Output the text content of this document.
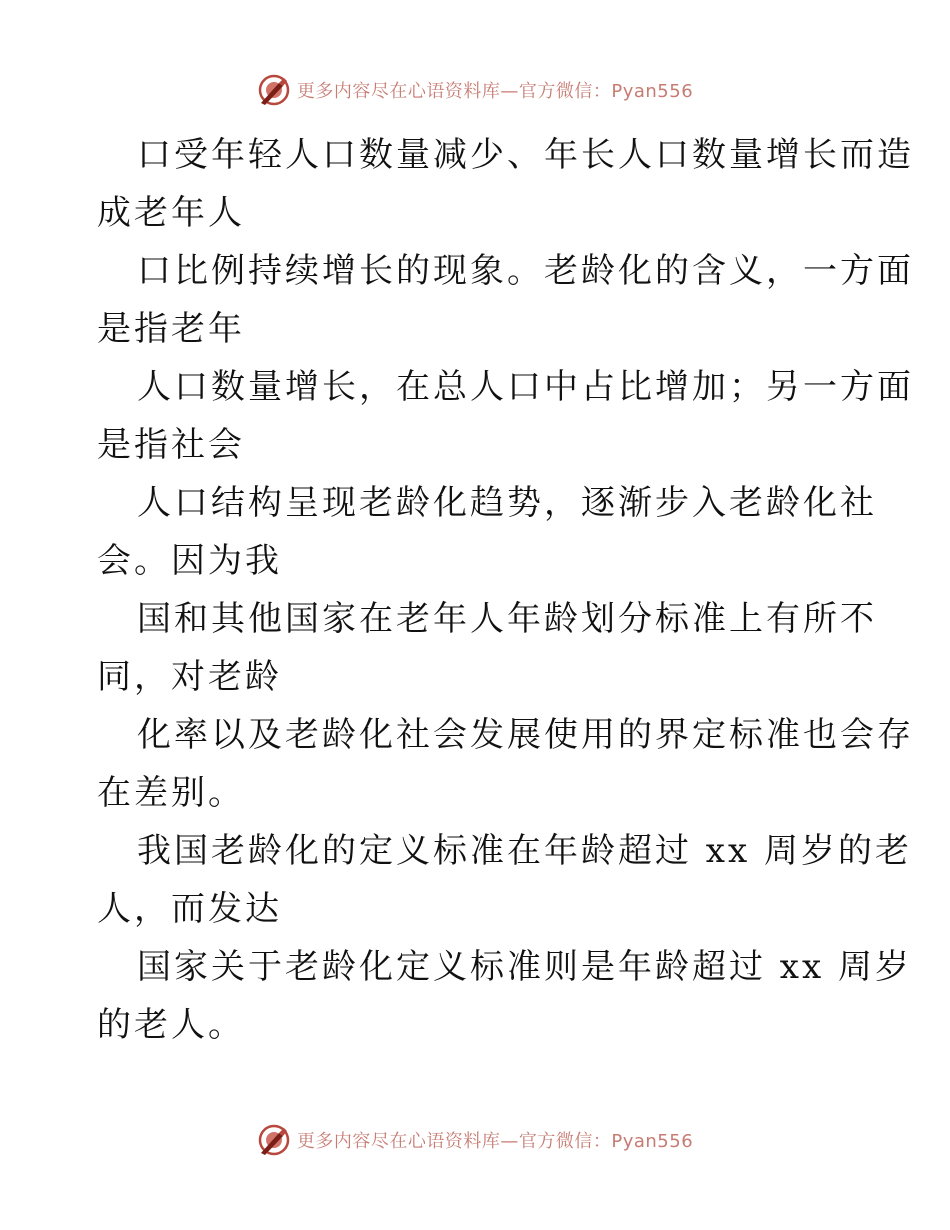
更多内容尽在心语资料库—官方微信：Pyan556

口受年轻人口数量减少、年长人口数量增长而造
成老年人

口比例持续增长的现象。老龄化的含义，一方面
是指老年

人口数量增长，在总人口中占比增加；另一方面
是指社会

人口结构呈现老龄化趋势，逐渐步入老龄化社
会。因为我

国和其他国家在老年人年龄划分标准上有所不
同，对老龄

化率以及老龄化社会发展使用的界定标准也会存
在差别。

我国老龄化的定义标准在年龄超过 xx 周岁的老
人，而发达

国家关于老龄化定义标准则是年龄超过 xx 周岁
的老人。

更多内容尽在心语资料库—官方微信：Pyan556
